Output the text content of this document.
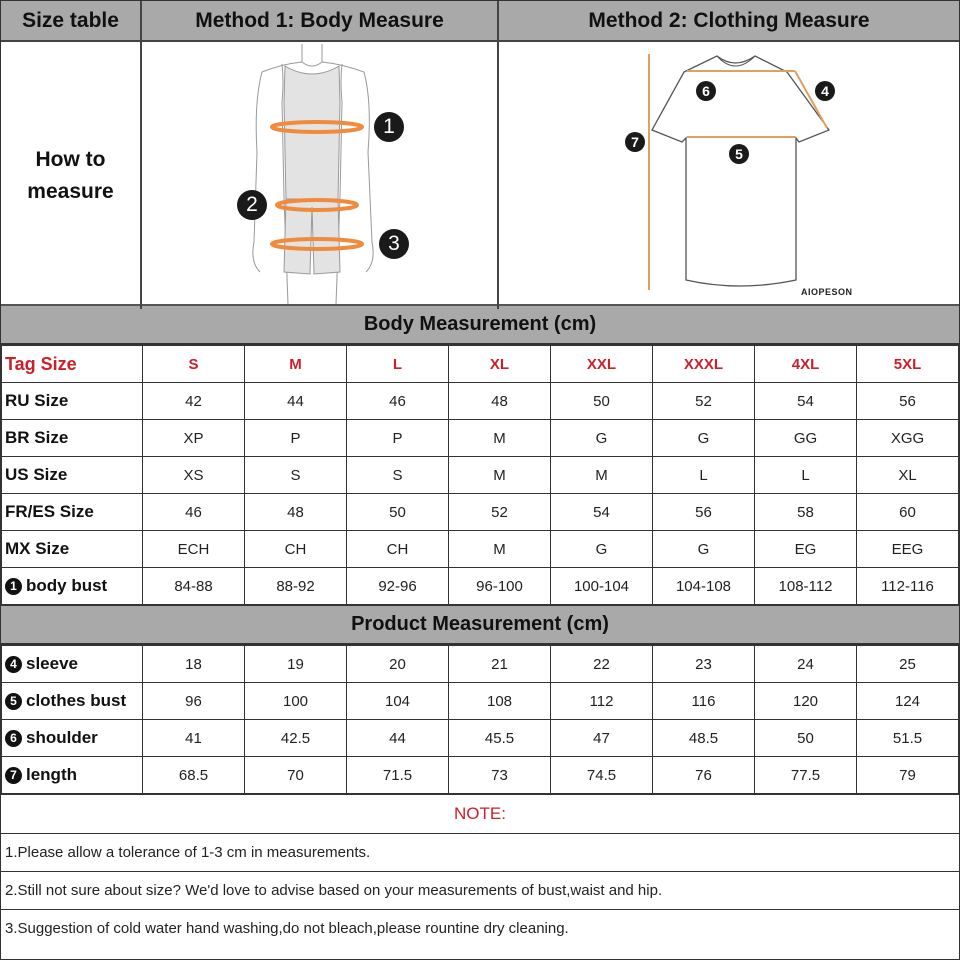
Size table	Method 1: Body Measure	Method 2: Clothing Measure
How to
measure
1
2
3
6	4
7
5
AIOPESON
Body Measurement (cm)
Tag Size	S	M	L	XL	XXL	XXXL	4XL	5XL
RU Size	42	44	46	48	50	52	54	56
BR Size	XP	P	P	M	G	G	GG	XGG
US Size	XS	S	S	M	M	L	L	XL
FR/ES Size	46	48	50	52	54	56	58	60
MX Size	ECH	CH	CH	M	G	G	EG	EEG
1 body bust	84-88	88-92	92-96	96-100	100-104	104-108	108-112	112-116
Product Measurement (cm)
4 sleeve	18	19	20	21	22	23	24	25
5 clothes bust	96	100	104	108	112	116	120	124
6 shoulder	41	42.5	44	45.5	47	48.5	50	51.5
7 length	68.5	70	71.5	73	74.5	76	77.5	79
NOTE:
1.Please allow a tolerance of 1-3 cm in measurements.
2.Still not sure about size? We'd love to advise based on your measurements of bust,waist and hip.
3.Suggestion of cold water hand washing,do not bleach,please rountine dry cleaning.
